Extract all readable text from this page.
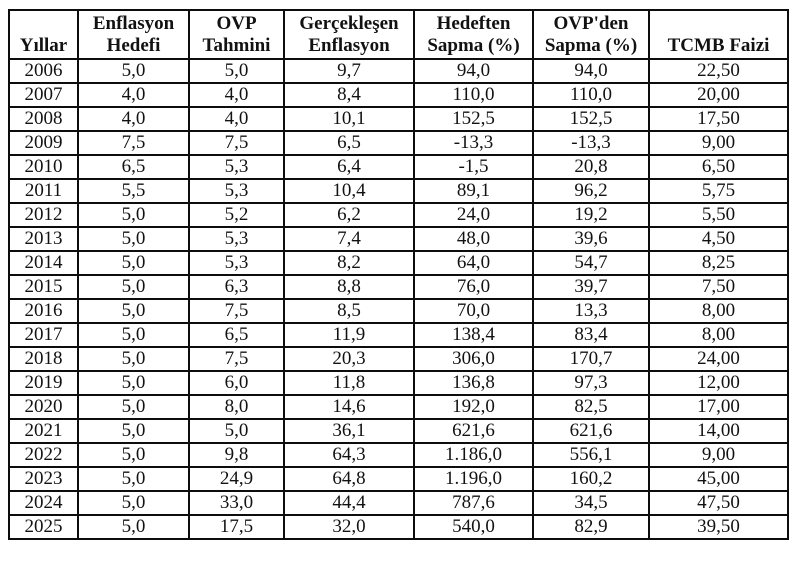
Yıllar	Enflasyon Hedefi	OVP Tahmini	Gerçekleşen Enflasyon	Hedeften Sapma (%)	OVP'den Sapma (%)	TCMB Faizi
2006	5,0	5,0	9,7	94,0	94,0	22,50
2007	4,0	4,0	8,4	110,0	110,0	20,00
2008	4,0	4,0	10,1	152,5	152,5	17,50
2009	7,5	7,5	6,5	-13,3	-13,3	9,00
2010	6,5	5,3	6,4	-1,5	20,8	6,50
2011	5,5	5,3	10,4	89,1	96,2	5,75
2012	5,0	5,2	6,2	24,0	19,2	5,50
2013	5,0	5,3	7,4	48,0	39,6	4,50
2014	5,0	5,3	8,2	64,0	54,7	8,25
2015	5,0	6,3	8,8	76,0	39,7	7,50
2016	5,0	7,5	8,5	70,0	13,3	8,00
2017	5,0	6,5	11,9	138,4	83,4	8,00
2018	5,0	7,5	20,3	306,0	170,7	24,00
2019	5,0	6,0	11,8	136,8	97,3	12,00
2020	5,0	8,0	14,6	192,0	82,5	17,00
2021	5,0	5,0	36,1	621,6	621,6	14,00
2022	5,0	9,8	64,3	1.186,0	556,1	9,00
2023	5,0	24,9	64,8	1.196,0	160,2	45,00
2024	5,0	33,0	44,4	787,6	34,5	47,50
2025	5,0	17,5	32,0	540,0	82,9	39,50
